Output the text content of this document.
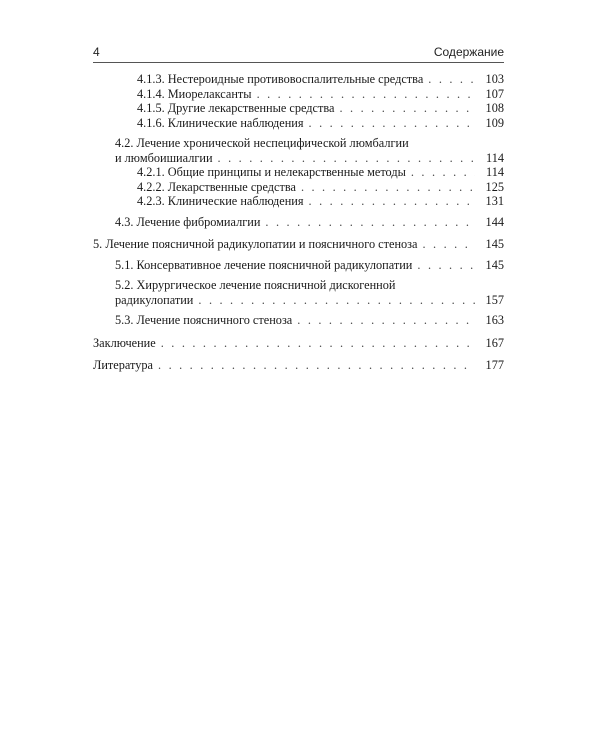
4	Содержание
4.1.3. Нестероидные противовоспалительные средства . . .	103
4.1.4. Миорелаксанты . . .	107
4.1.5. Другие лекарственные средства . . .	108
4.1.6. Клинические наблюдения . . .	109
4.2. Лечение хронической неспецифической люмбалгии
и люмбоишиалгии . . .	114
4.2.1. Общие принципы и нелекарственные методы . . .	114
4.2.2. Лекарственные средства . . .	125
4.2.3. Клинические наблюдения . . .	131
4.3. Лечение фибромиалгии . . .	144
5. Лечение поясничной радикулопатии и поясничного стеноза . . .	145
5.1. Консервативное лечение поясничной радикулопатии . . .	145
5.2. Хирургическое лечение поясничной дискогенной
радикулопатии . . .	157
5.3. Лечение поясничного стеноза . . .	163
Заключение . . .	167
Литература . . .	177
